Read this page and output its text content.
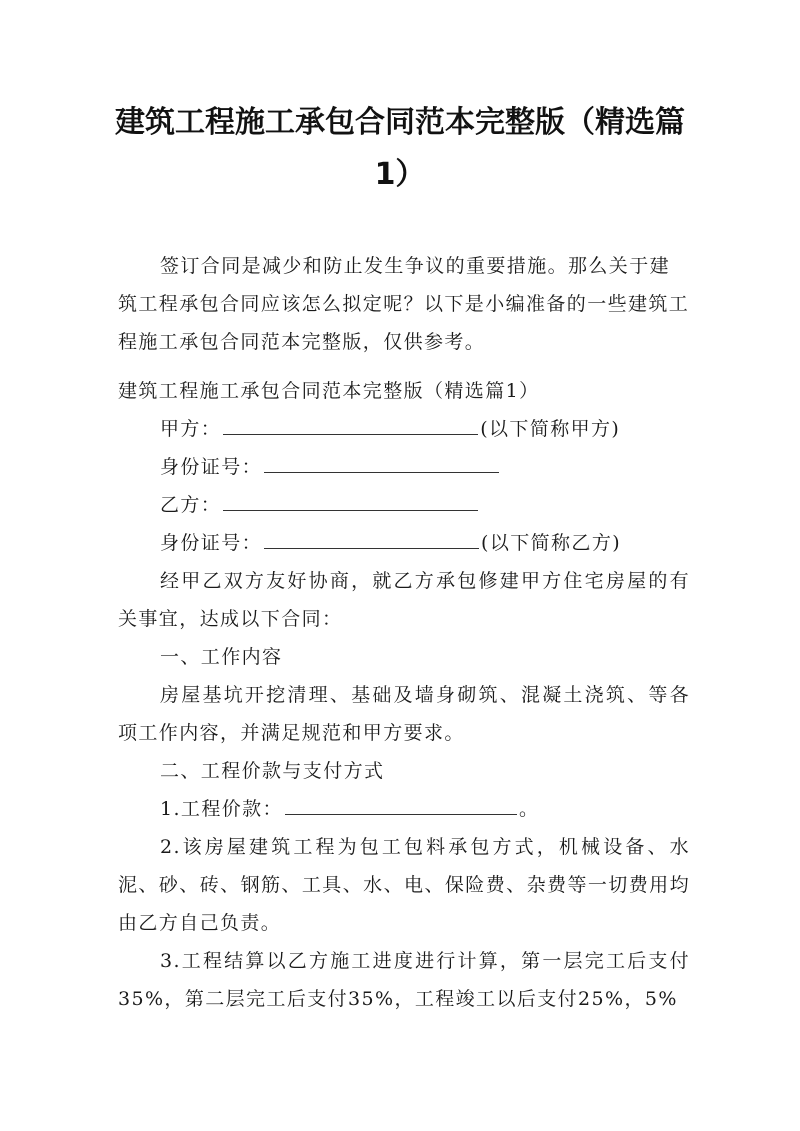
建筑工程施工承包合同范本完整版（精选篇1）

签订合同是减少和防止发生争议的重要措施。那么关于建筑工程承包合同应该怎么拟定呢？以下是小编准备的一些建筑工程施工承包合同范本完整版，仅供参考。

建筑工程施工承包合同范本完整版（精选篇1）

甲方：	(以下简称甲方)

身份证号：

乙方：

身份证号：	(以下简称乙方)

经甲乙双方友好协商，就乙方承包修建甲方住宅房屋的有关事宜，达成以下合同：

一、工作内容

房屋基坑开挖清理、基础及墙身砌筑、混凝土浇筑、等各项工作内容，并满足规范和甲方要求。

二、工程价款与支付方式

1.工程价款：	。

2.该房屋建筑工程为包工包料承包方式，机械设备、水泥、砂、砖、钢筋、工具、水、电、保险费、杂费等一切费用均由乙方自己负责。

3.工程结算以乙方施工进度进行计算，第一层完工后支付35%，第二层完工后支付35%，工程竣工以后支付25%，5%
